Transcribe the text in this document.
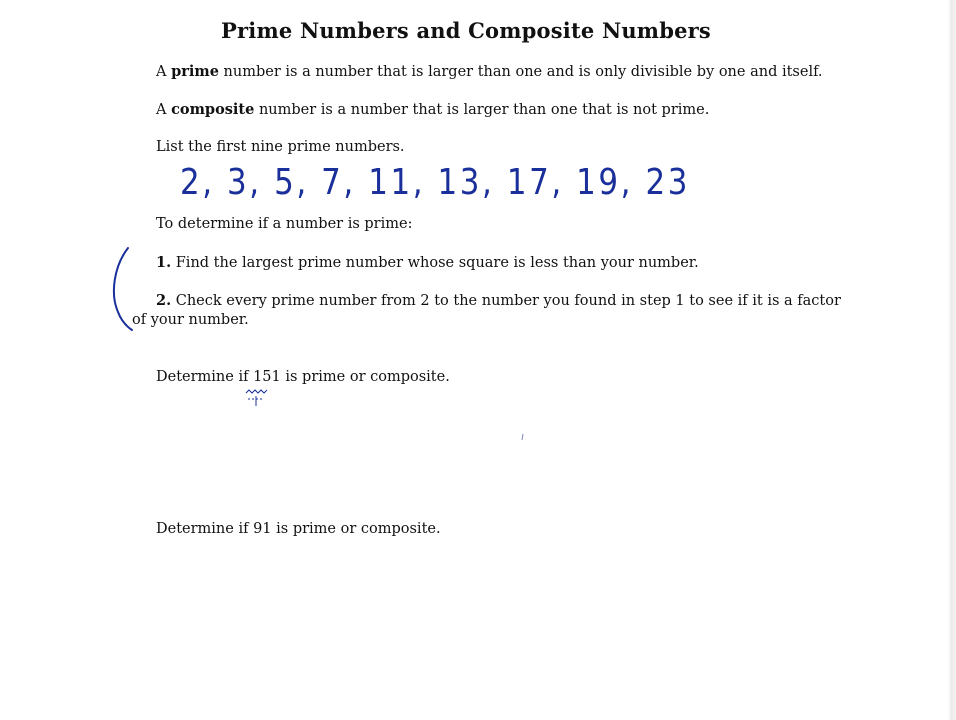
Prime Numbers and Composite Numbers
A prime number is a number that is larger than one and is only divisible by one and itself.
A composite number is a number that is larger than one that is not prime.
List the first nine prime numbers.
2, 3, 5, 7, 11, 13, 17, 19, 23
To determine if a number is prime:
1. Find the largest prime number whose square is less than your number.
2. Check every prime number from 2 to the number you found in step 1 to see if it is a factor
of your number.
Determine if 151 is prime or composite.
Determine if 91 is prime or composite.
